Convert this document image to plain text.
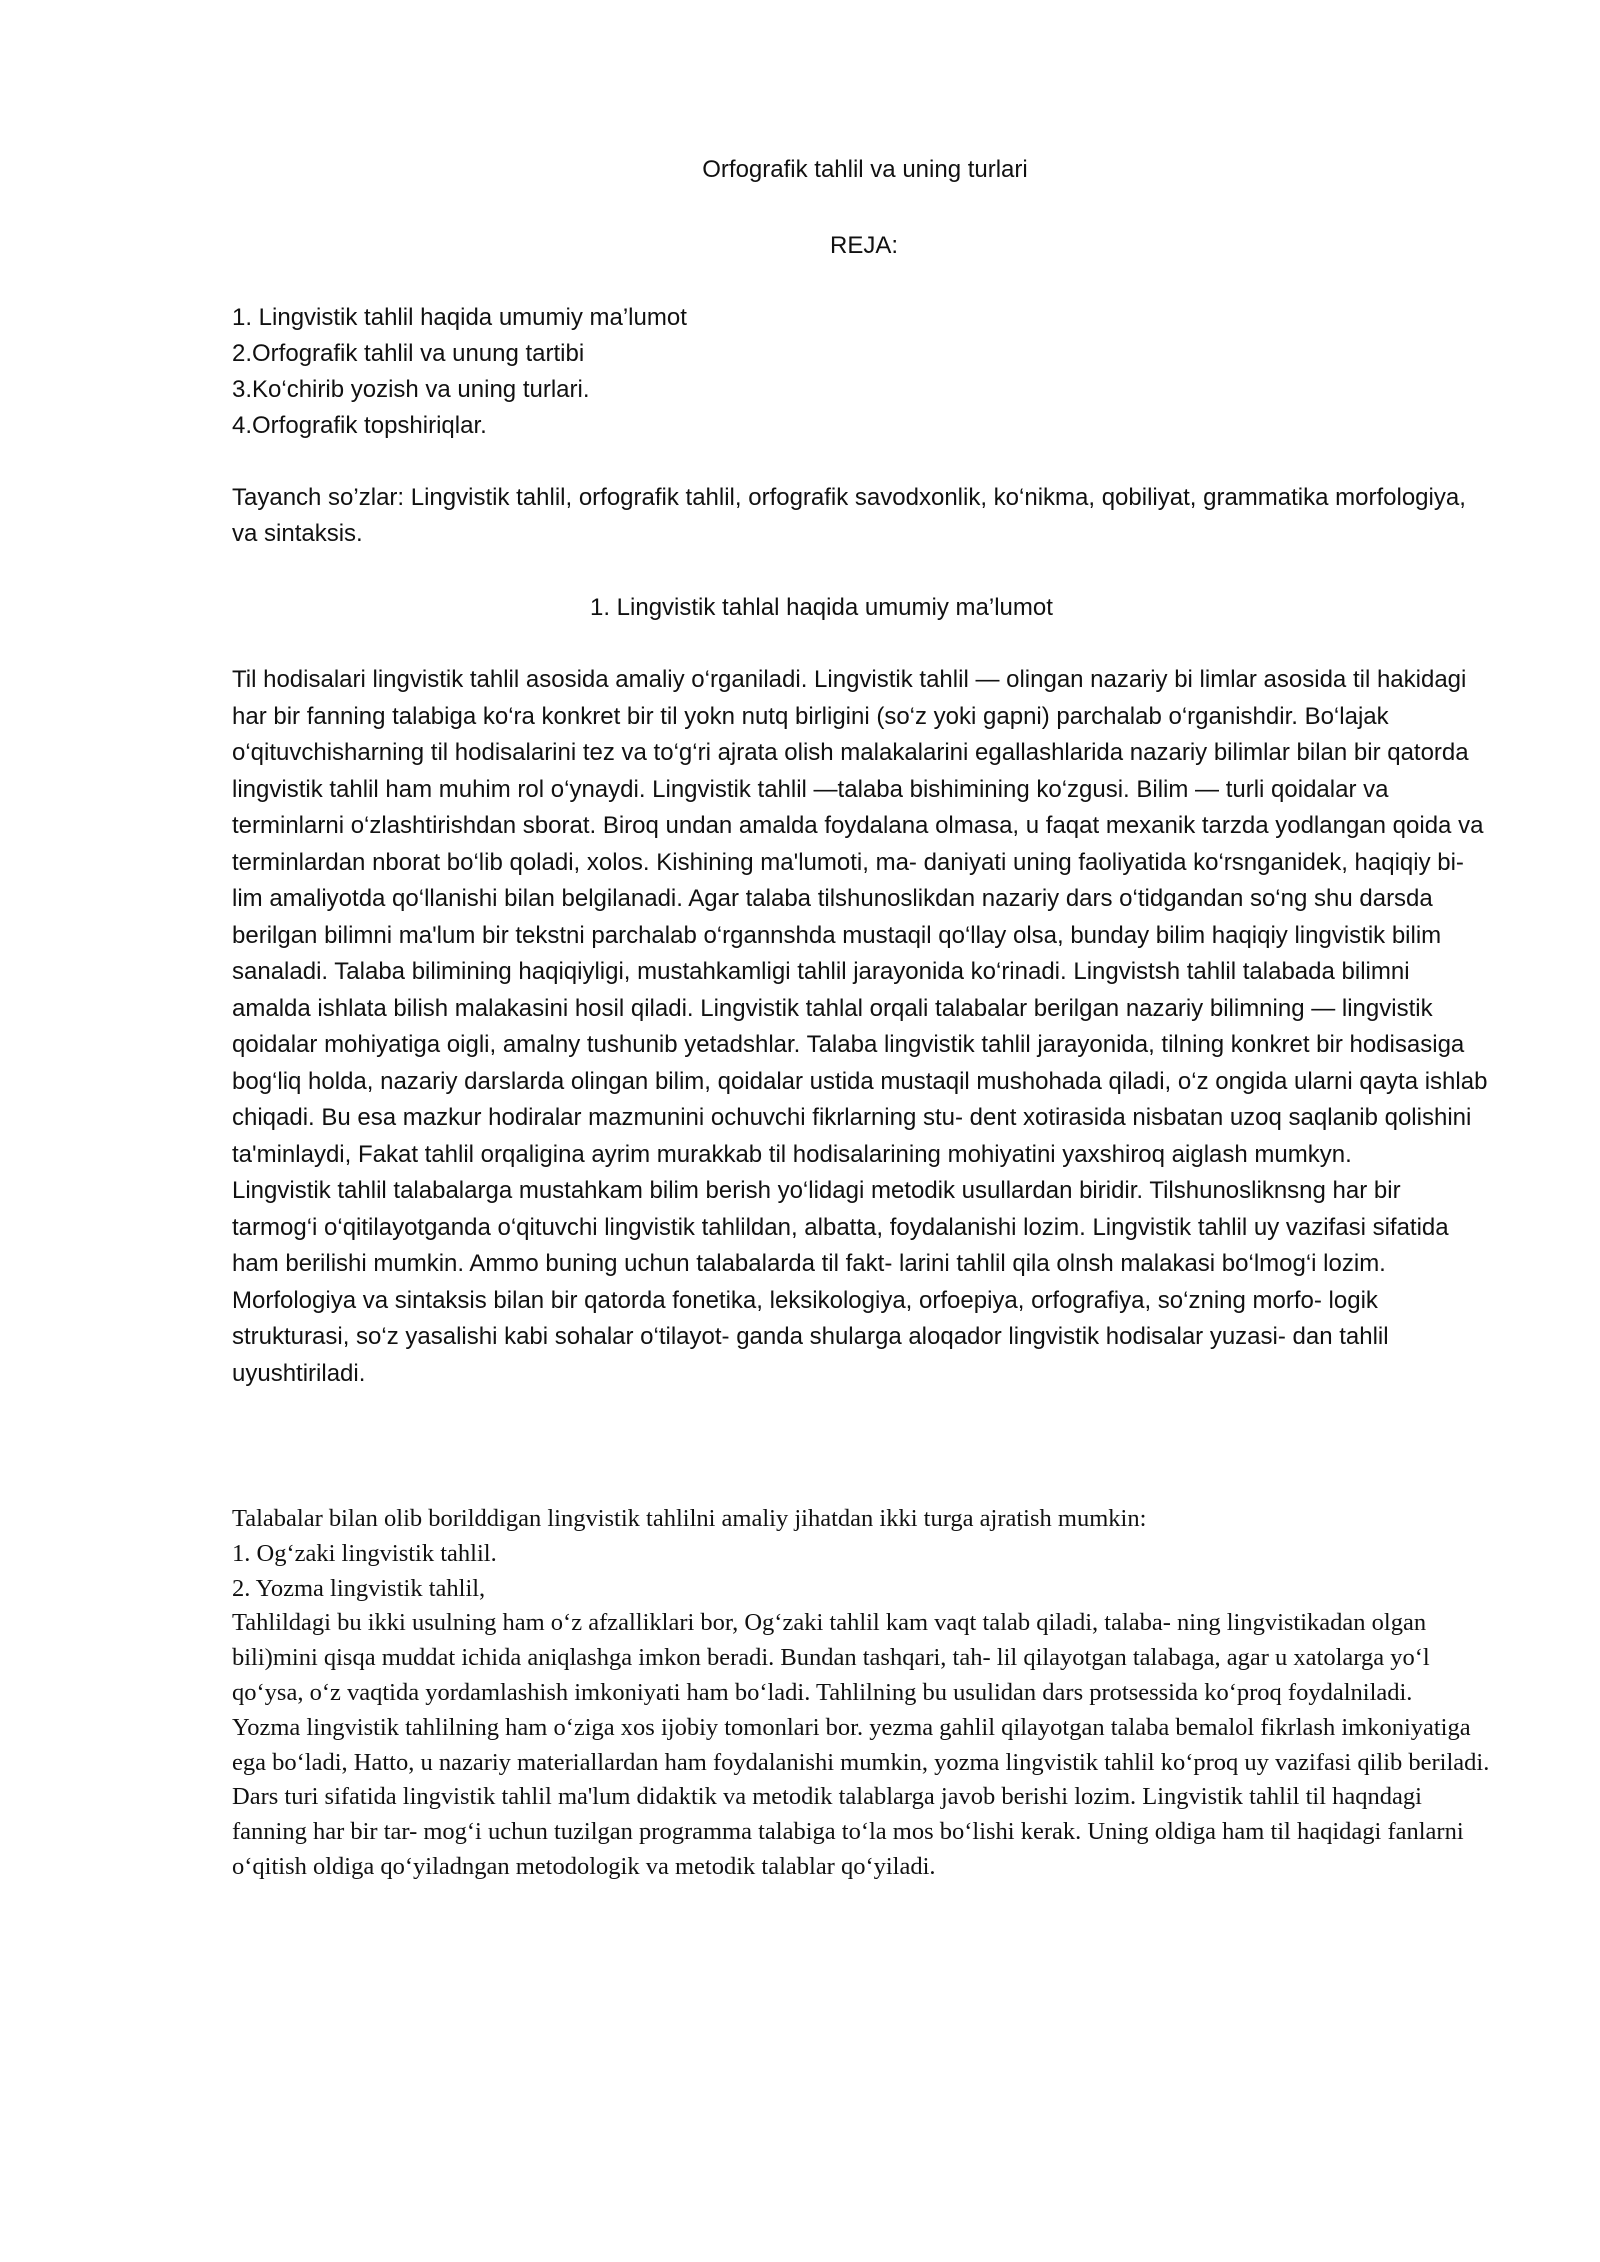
Orfografik tahlil va uning turlari
REJA:
1. Lingvistik tahlil haqida umumiy ma’lumot
2.Orfografik tahlil va unung tartibi
3.Ko‘chirib yozish va uning turlari.
4.Orfografik topshiriqlar.

Tayanch so’zlar: Lingvistik tahlil, orfografik tahlil, orfografik savodxonlik, ko‘nikma, qobiliyat, grammatika morfologiya, va sintaksis.

1. Lingvistik tahlal haqida umumiy ma’lumot

Til hodisalari lingvistik tahlil asosida amaliy o‘rganiladi. Lingvistik tahlil — olingan nazariy bi limlar asosida til hakidagi har bir fanning talabiga ko‘ra konkret bir til yokn nutq birligini (so‘z yoki gapni) parchalab o‘rganishdir. Bo‘lajak o‘qituvchisharning til hodisalarini tez va to‘g‘ri ajrata olish malakalarini egallashlarida nazariy bilimlar bilan bir qatorda lingvistik tahlil ham muhim rol o‘ynaydi. Lingvistik tahlil —talaba bishimining ko‘zgusi. Bilim — turli qoidalar va terminlarni o‘zlashtirishdan sborat. Biroq undan amalda foydalana olmasa, u faqat mexanik tarzda yodlangan qoida va terminlardan nborat bo‘lib qoladi, xolos. Kishining ma'lumoti, ma- daniyati uning faoliyatida ko‘rsnganidek, haqiqiy bi- lim amaliyotda qo‘llanishi bilan belgilanadi. Agar talaba tilshunoslikdan nazariy dars o‘tidgandan so‘ng shu darsda berilgan bilimni ma'lum bir tekstni parchalab o‘rgannshda mustaqil qo‘llay olsa, bunday bilim haqiqiy lingvistik bilim sanaladi. Talaba bilimining haqiqiyligi, mustahkamligi tahlil jarayonida ko‘rinadi. Lingvistsh tahlil talabada bilimni amalda ishlata bilish malakasini hosil qiladi. Lingvistik tahlal orqali talabalar berilgan nazariy bilimning — lingvistik qoidalar mohiyatiga oigli, amalny tushunib yetadshlar. Talaba lingvistik tahlil jarayonida, tilning konkret bir hodisasiga bog‘liq holda, nazariy darslarda olingan bilim, qoidalar ustida mustaqil mushohada qiladi, o‘z ongida ularni qayta ishlab chiqadi. Bu esa mazkur hodiralar mazmunini ochuvchi fikrlarning stu- dent xotirasida nisbatan uzoq saqlanib qolishini ta'minlaydi, Fakat tahlil orqaligina ayrim murakkab til hodisalarining mohiyatini yaxshiroq aiglash mumkyn.

Lingvistik tahlil talabalarga mustahkam bilim berish yo‘lidagi metodik usullardan biridir. Tilshunosliknsng har bir tarmog‘i o‘qitilayotganda o‘qituvchi lingvistik tahlildan, albatta, foydalanishi lozim. Lingvistik tahlil uy vazifasi sifatida ham berilishi mumkin. Ammo buning uchun talabalarda til fakt- larini tahlil qila olnsh malakasi bo‘lmog‘i lozim. Morfologiya va sintaksis bilan bir qatorda fonetika, leksikologiya, orfoepiya, orfografiya, so‘zning morfo- logik strukturasi, so‘z yasalishi kabi sohalar o‘tilayot- ganda shularga aloqador lingvistik hodisalar yuzasi- dan tahlil uyushtiriladi.

Talabalar bilan olib borilddigan lingvistik tahlilni amaliy jihatdan ikki turga ajratish mumkin:

1. Og‘zaki lingvistik tahlil.

2. Yozma lingvistik tahlil,

Tahlildagi bu ikki usulning ham o‘z afzalliklari bor, Og‘zaki tahlil kam vaqt talab qiladi, talaba- ning lingvistikadan olgan bili)mini qisqa muddat ichida aniqlashga imkon beradi. Bundan tashqari, tah- lil qilayotgan talabaga, agar u xatolarga yo‘l qo‘ysa, o‘z vaqtida yordamlashish imkoniyati ham bo‘ladi. Tahlilning bu usulidan dars protsessida ko‘proq foydalniladi.

Yozma lingvistik tahlilning ham o‘ziga xos ijobiy tomonlari bor. yezma gahlil qilayotgan talaba bemalol fikrlash imkoniyatiga ega bo‘ladi, Hatto, u nazariy materiallardan ham foydalanishi mumkin, yozma lingvistik tahlil ko‘proq uy vazifasi qilib beriladi.

Dars turi sifatida lingvistik tahlil ma'lum didaktik va metodik talablarga javob berishi lozim. Lingvistik tahlil til haqndagi fanning har bir tar- mog‘i uchun tuzilgan programma talabiga to‘la mos bo‘lishi kerak. Uning oldiga ham til haqidagi fanlarni o‘qitish oldiga qo‘yiladngan metodologik va metodik talablar qo‘yiladi.
